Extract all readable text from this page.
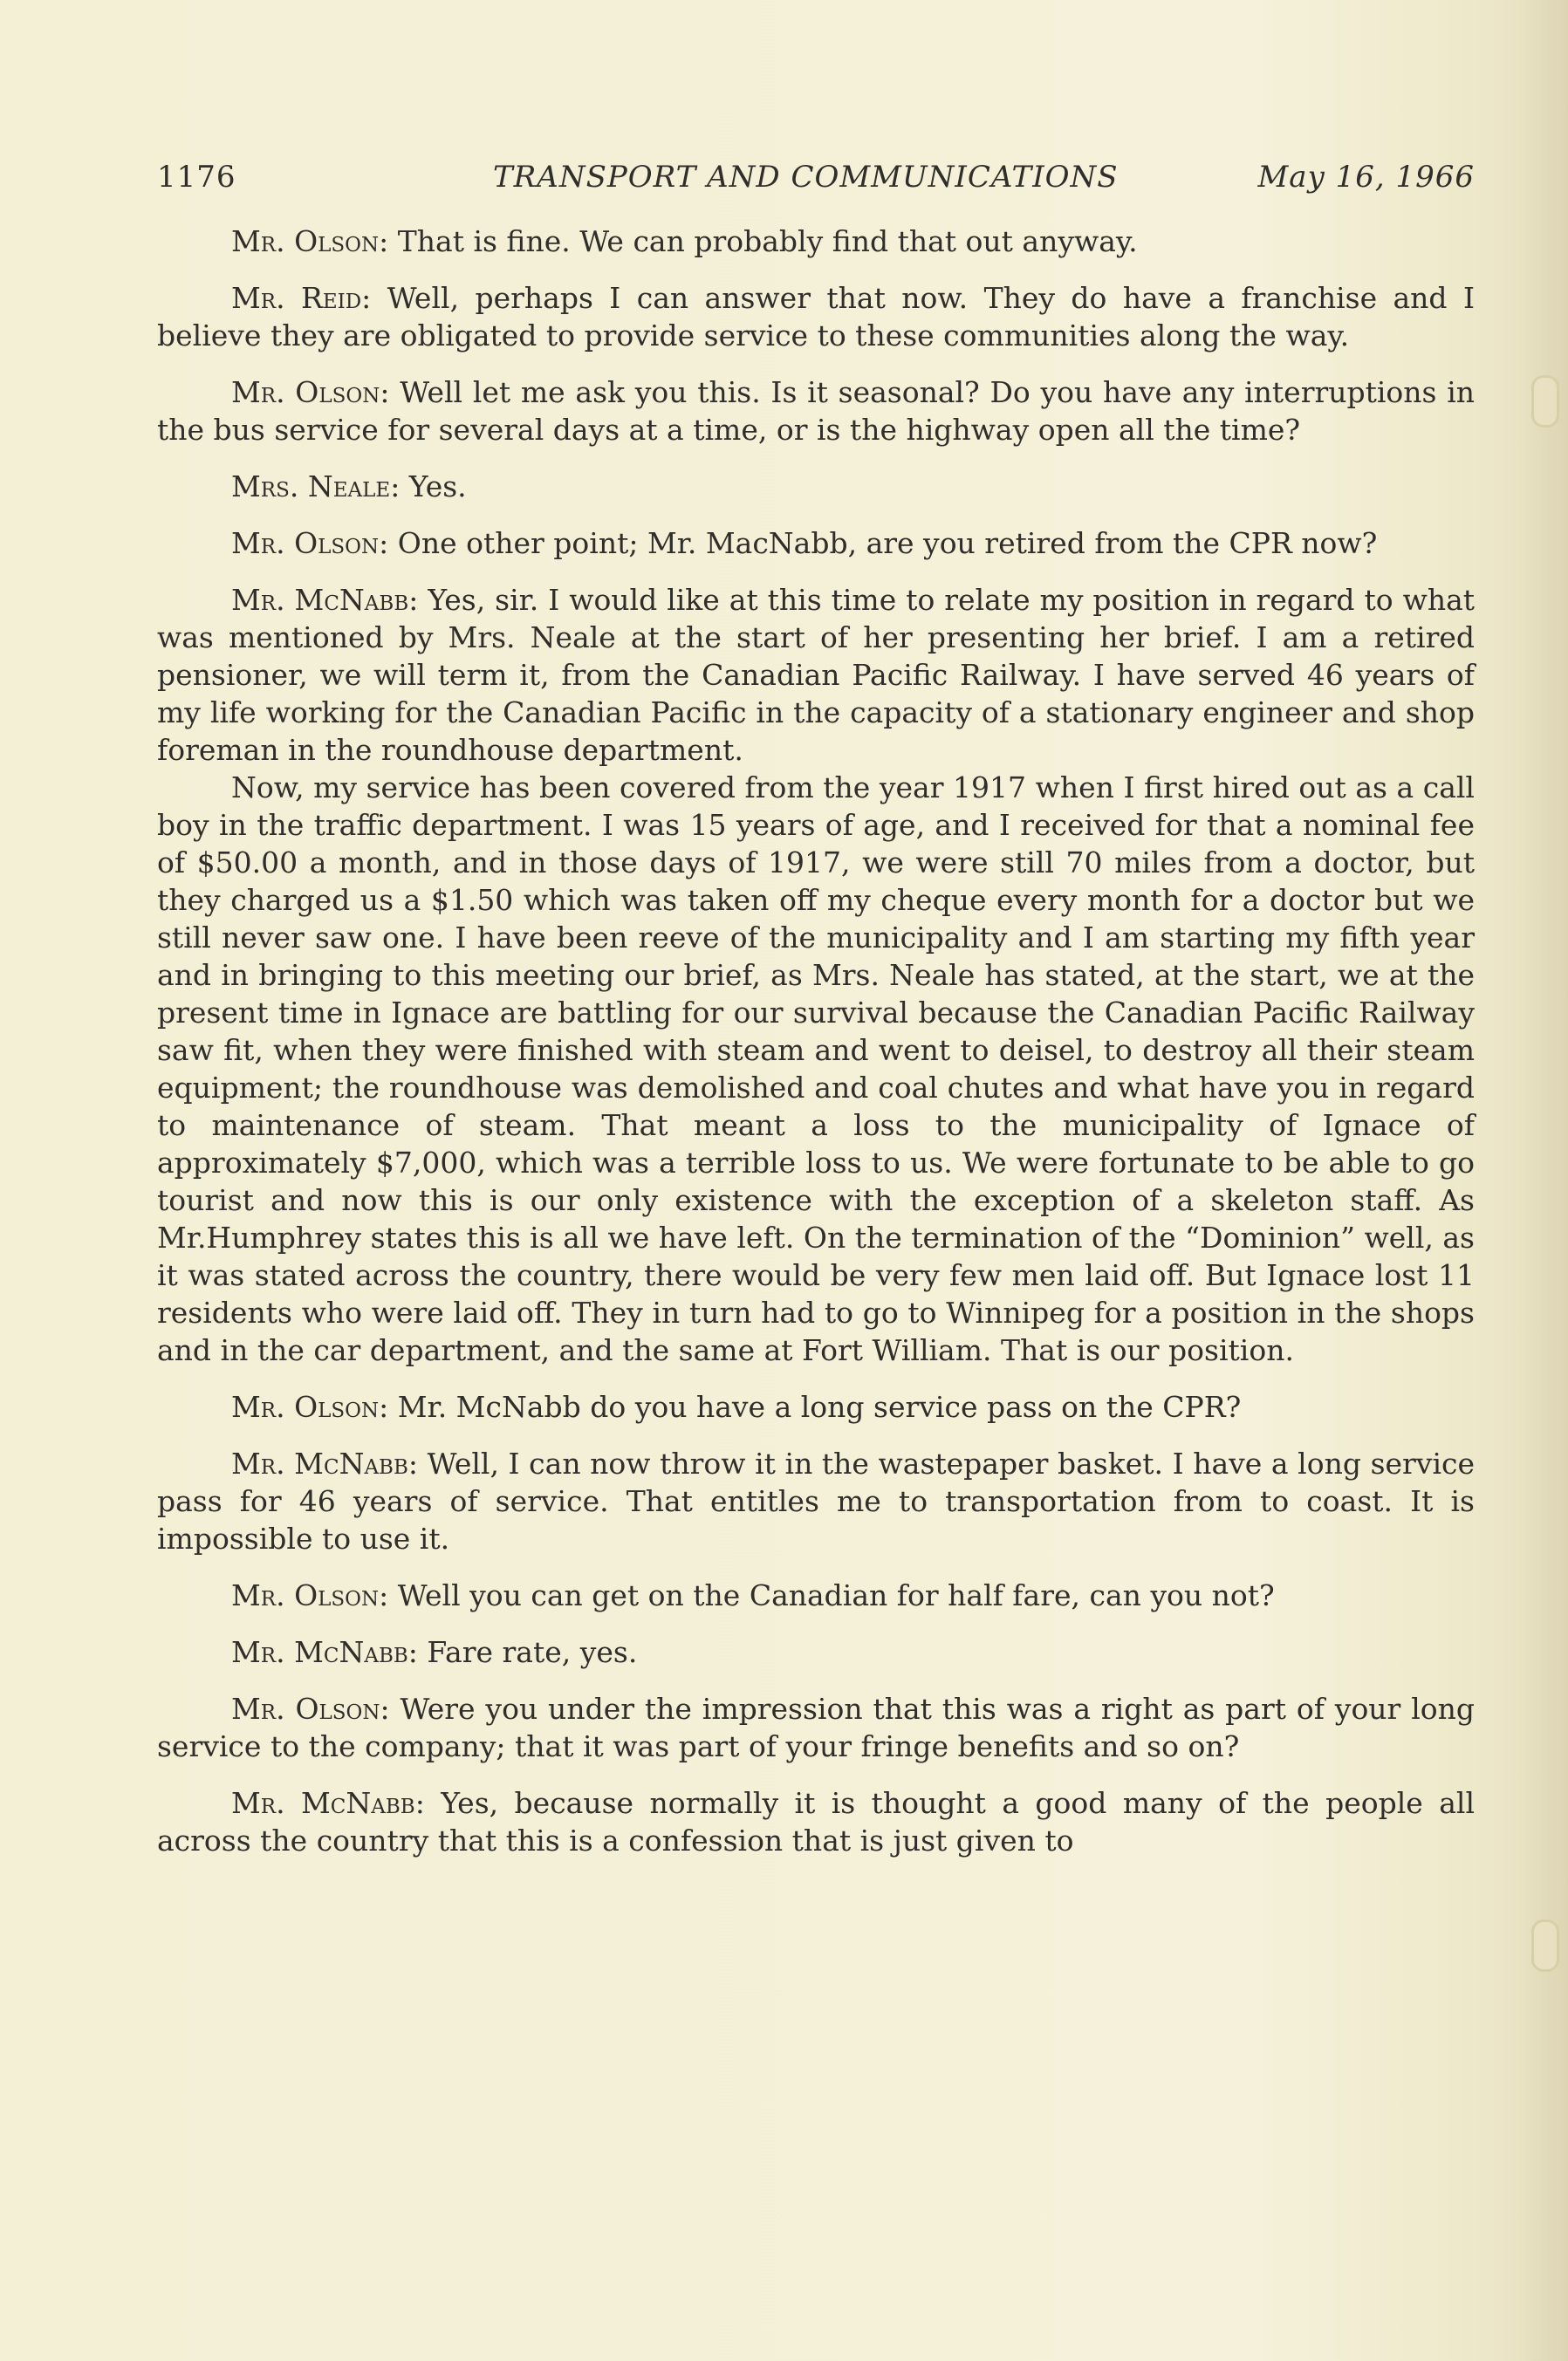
1176	TRANSPORT AND COMMUNICATIONS	May 16, 1966

Mr. Olson: That is fine. We can probably find that out anyway.

Mr. Reid: Well, perhaps I can answer that now. They do have a franchise and I believe they are obligated to provide service to these communities along the way.

Mr. Olson: Well let me ask you this. Is it seasonal? Do you have any interruptions in the bus service for several days at a time, or is the highway open all the time?

Mrs. Neale: Yes.

Mr. Olson: One other point; Mr. MacNabb, are you retired from the CPR now?

Mr. McNabb: Yes, sir. I would like at this time to relate my position in regard to what was mentioned by Mrs. Neale at the start of her presenting her brief. I am a retired pensioner, we will term it, from the Canadian Pacific Railway. I have served 46 years of my life working for the Canadian Pacific in the capacity of a stationary engineer and shop foreman in the roundhouse department.

Now, my service has been covered from the year 1917 when I first hired out as a call boy in the traffic department. I was 15 years of age, and I received for that a nominal fee of $50.00 a month, and in those days of 1917, we were still 70 miles from a doctor, but they charged us a $1.50 which was taken off my cheque every month for a doctor but we still never saw one. I have been reeve of the municipality and I am starting my fifth year and in bringing to this meeting our brief, as Mrs. Neale has stated, at the start, we at the present time in Ignace are battling for our survival because the Canadian Pacific Railway saw fit, when they were finished with steam and went to deisel, to destroy all their steam equipment; the roundhouse was demolished and coal chutes and what have you in regard to maintenance of steam. That meant a loss to the municipality of Ignace of approximately $7,000, which was a terrible loss to us. We were fortunate to be able to go tourist and now this is our only existence with the exception of a skeleton staff. As Mr.Humphrey states this is all we have left. On the termination of the “Dominion” well, as it was stated across the country, there would be very few men laid off. But Ignace lost 11 residents who were laid off. They in turn had to go to Winnipeg for a position in the shops and in the car department, and the same at Fort William. That is our position.

Mr. Olson: Mr. McNabb do you have a long service pass on the CPR?

Mr. McNabb: Well, I can now throw it in the wastepaper basket. I have a long service pass for 46 years of service. That entitles me to transportation from to coast. It is impossible to use it.

Mr. Olson: Well you can get on the Canadian for half fare, can you not?

Mr. McNabb: Fare rate, yes.

Mr. Olson: Were you under the impression that this was a right as part of your long service to the company; that it was part of your fringe benefits and so on?

Mr. McNabb: Yes, because normally it is thought a good many of the people all across the country that this is a confession that is just given to
